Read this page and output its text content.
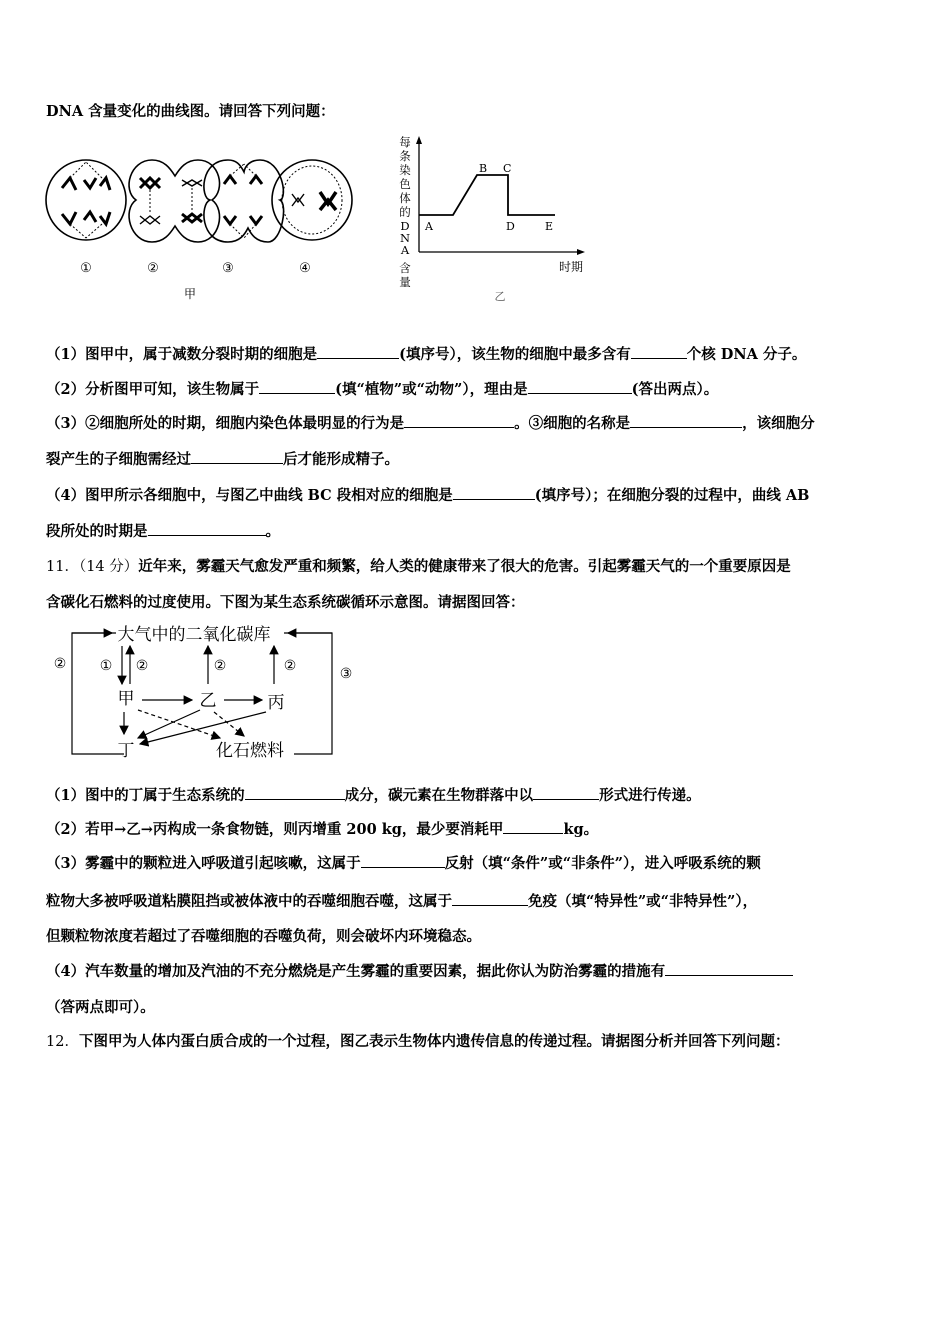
DNA 含量变化的曲线图。请回答下列问题：
①	②	③	④
甲
每
条
染
色
体
的
D
N
A
含
量
A
B C
D	E
时期
乙
（1）图甲中，属于减数分裂时期的细胞是	(填序号），该生物的细胞中最多含有	个核 DNA 分子。
（2）分析图甲可知，该生物属于	(填“植物”或“动物”），理由是	(答出两点）。
（3）②细胞所处的时期，细胞内染色体最明显的行为是	。③细胞的名称是	，该细胞分
裂产生的子细胞需经过	后才能形成精子。
（4）图甲所示各细胞中，与图乙中曲线 BC 段相对应的细胞是	(填序号）；在细胞分裂的过程中，曲线 AB
段所处的时期是	。
11．（14 分）近年来，雾霾天气愈发严重和频繁，给人类的健康带来了很大的危害。引起雾霾天气的一个重要原因是
含碳化石燃料的过度使用。下图为某生态系统碳循环示意图。请据图回答：
大气中的二氧化碳库
②
③
① ②	②	②
甲	乙	丙
丁	化石燃料
（1）图中的丁属于生态系统的	成分，碳元素在生物群落中以	形式进行传递。
（2）若甲→乙→丙构成一条食物链，则丙增重 200 kg，最少要消耗甲	kg。
（3）雾霾中的颗粒进入呼吸道引起咳嗽，这属于	反射（填“条件”或“非条件”），进入呼吸系统的颗
粒物大多被呼吸道粘膜阻挡或被体液中的吞噬细胞吞噬，这属于	免疫（填“特异性”或“非特异性”），
但颗粒物浓度若超过了吞噬细胞的吞噬负荷，则会破坏内环境稳态。
（4）汽车数量的增加及汽油的不充分燃烧是产生雾霾的重要因素，据此你认为防治雾霾的措施有
（答两点即可）。
12．下图甲为人体内蛋白质合成的一个过程，图乙表示生物体内遗传信息的传递过程。请据图分析并回答下列问题：
